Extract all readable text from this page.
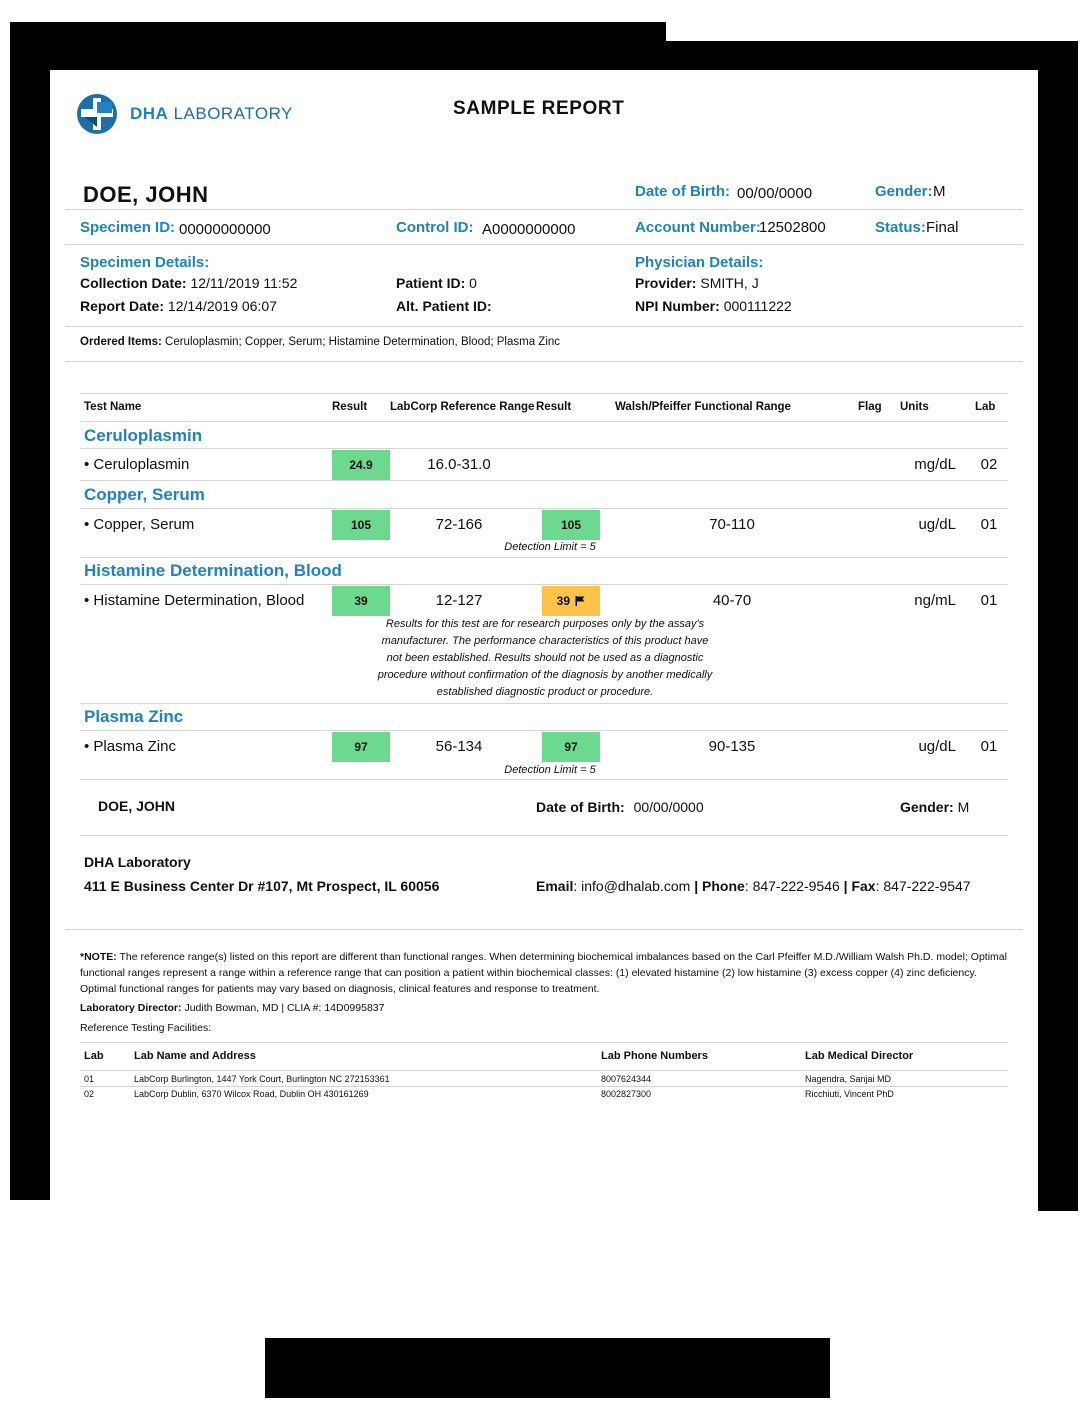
DHA LABORATORY	SAMPLE REPORT
DOE, JOHN	Date of Birth: 00/00/0000	Gender: M
Specimen ID: 00000000000	Control ID: A0000000000	Account Number:
12502800	Status: Final
Specimen Details:
Collection Date: 12/11/2019 11:52
Report Date: 12/14/2019 06:07
Patient ID: 0
Alt. Patient ID:
Physician Details:
Provider: SMITH, J
NPI Number: 000111222
Ordered Items: Ceruloplasmin; Copper, Serum; Histamine Determination, Blood; Plasma Zinc
Test Name	Result LabCorp Reference Range Result	Walsh/Pfeiffer Functional Range	Flag Units	Lab
Ceruloplasmin
• Ceruloplasmin	24.9	16.0-31.0	mg/dL	02
Copper, Serum
• Copper, Serum	105	72-166	105	70-110	ug/dL	01
Detection Limit = 5
Histamine Determination, Blood
• Histamine Determination, Blood	39	12-127	39	40-70	ng/mL	01
Results for this test are for research purposes only by the assay's
manufacturer. The performance characteristics of this product have
not been established. Results should not be used as a diagnostic
procedure without confirmation of the diagnosis by another medically
established diagnostic product or procedure.
Plasma Zinc
• Plasma Zinc	97	56-134	97	90-135	ug/dL	01
Detection Limit = 5
DOE, JOHN	Date of Birth: 00/00/0000	Gender: M
DHA Laboratory
411 E Business Center Dr #107, Mt Prospect, IL 60056	Email: info@dhalab.com | Phone: 847-222-9546 | Fax: 847-222-9547
*NOTE: The reference range(s) listed on this report are different than functional ranges. When determining biochemical imbalances based on the Carl Pfeiffer M.D./William Walsh Ph.D. model; Optimal functional ranges represent a range within a reference range that can position a patient within biochemical classes: (1) elevated histamine (2) low histamine (3) excess copper (4) zinc deficiency. Optimal functional ranges for patients may vary based on diagnosis, clinical features and response to treatment.
Laboratory Director: Judith Bowman, MD | CLIA #: 14D0995837
Reference Testing Facilities:
Lab	Lab Name and Address	Lab Phone Numbers	Lab Medical Director
01	LabCorp Burlington, 1447 York Court, Burlington NC 272153361	8007624344	Nagendra, Sanjai MD
02	LabCorp Dublin, 6370 Wilcox Road, Dublin OH 430161269	8002827300	Ricchiuti, Vincent PhD
